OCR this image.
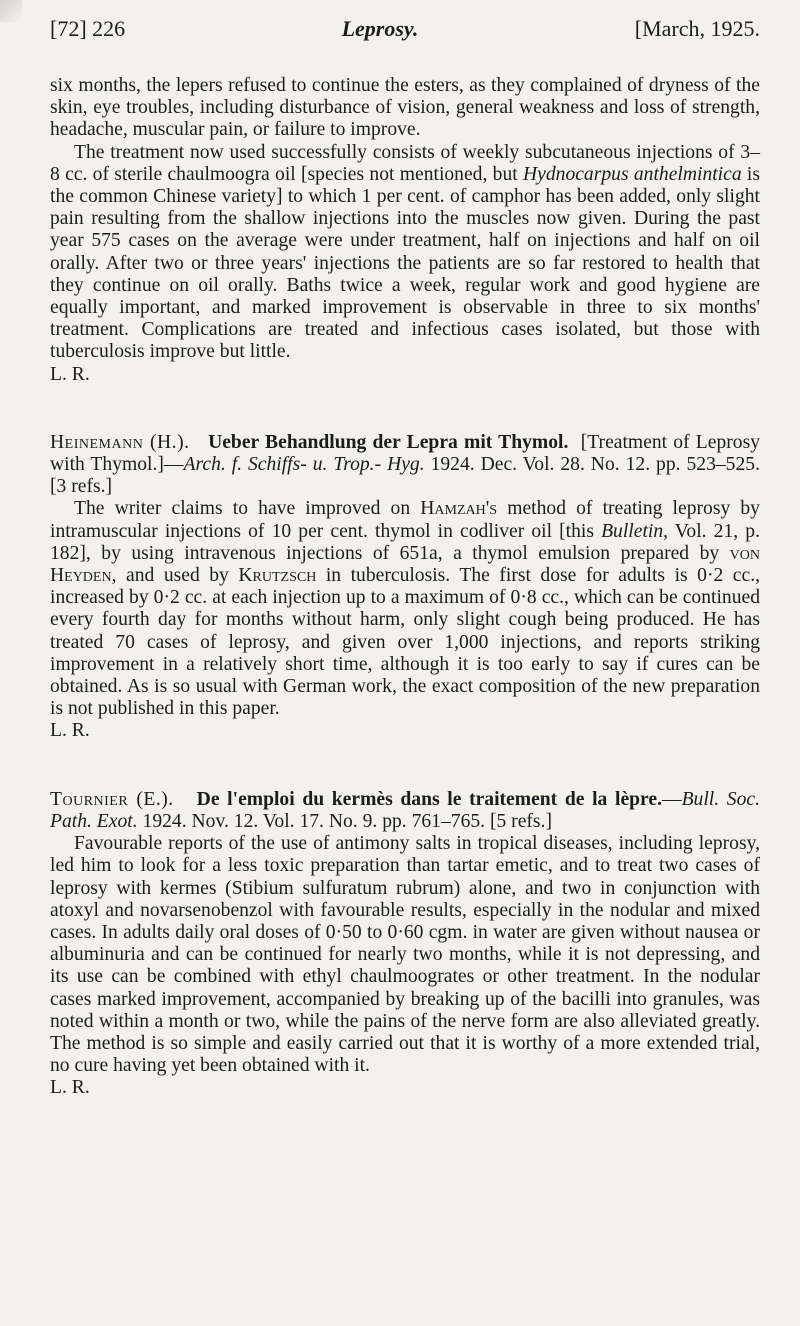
[72] 226	Leprosy.	[March, 1925.

six months, the lepers refused to continue the esters, as they complained of dryness of the skin, eye troubles, including disturbance of vision, general weakness and loss of strength, headache, muscular pain, or failure to improve.

The treatment now used successfully consists of weekly subcutaneous injections of 3–8 cc. of sterile chaulmoogra oil [species not mentioned, but Hydnocarpus anthelmintica is the common Chinese variety] to which 1 per cent. of camphor has been added, only slight pain resulting from the shallow injections into the muscles now given. During the past year 575 cases on the average were under treatment, half on injections and half on oil orally. After two or three years' injections the patients are so far restored to health that they continue on oil orally. Baths twice a week, regular work and good hygiene are equally important, and marked improvement is observable in three to six months' treatment. Complications are treated and infectious cases isolated, but those with tuberculosis improve but little.

L. R.

Heinemann (H.). Ueber Behandlung der Lepra mit Thymol. [Treatment of Leprosy with Thymol.]—Arch. f. Schiffs- u. Trop.- Hyg. 1924. Dec. Vol. 28. No. 12. pp. 523–525. [3 refs.]

The writer claims to have improved on Hamzah's method of treating leprosy by intramuscular injections of 10 per cent. thymol in codliver oil [this Bulletin, Vol. 21, p. 182], by using intravenous injections of 651a, a thymol emulsion prepared by von Heyden, and used by Krutzsch in tuberculosis. The first dose for adults is 0·2 cc., increased by 0·2 cc. at each injection up to a maximum of 0·8 cc., which can be continued every fourth day for months without harm, only slight cough being produced. He has treated 70 cases of leprosy, and given over 1,000 injections, and reports striking improvement in a relatively short time, although it is too early to say if cures can be obtained. As is so usual with German work, the exact composition of the new preparation is not published in this paper.

L. R.

Tournier (E.). De l'emploi du kermès dans le traitement de la lèpre.—Bull. Soc. Path. Exot. 1924. Nov. 12. Vol. 17. No. 9. pp. 761–765. [5 refs.]

Favourable reports of the use of antimony salts in tropical diseases, including leprosy, led him to look for a less toxic preparation than tartar emetic, and to treat two cases of leprosy with kermes (Stibium sulfuratum rubrum) alone, and two in conjunction with atoxyl and novarsenobenzol with favourable results, especially in the nodular and mixed cases. In adults daily oral doses of 0·50 to 0·60 cgm. in water are given without nausea or albuminuria and can be continued for nearly two months, while it is not depressing, and its use can be combined with ethyl chaulmoogrates or other treatment. In the nodular cases marked improvement, accompanied by breaking up of the bacilli into granules, was noted within a month or two, while the pains of the nerve form are also alleviated greatly. The method is so simple and easily carried out that it is worthy of a more extended trial, no cure having yet been obtained with it.

L. R.
